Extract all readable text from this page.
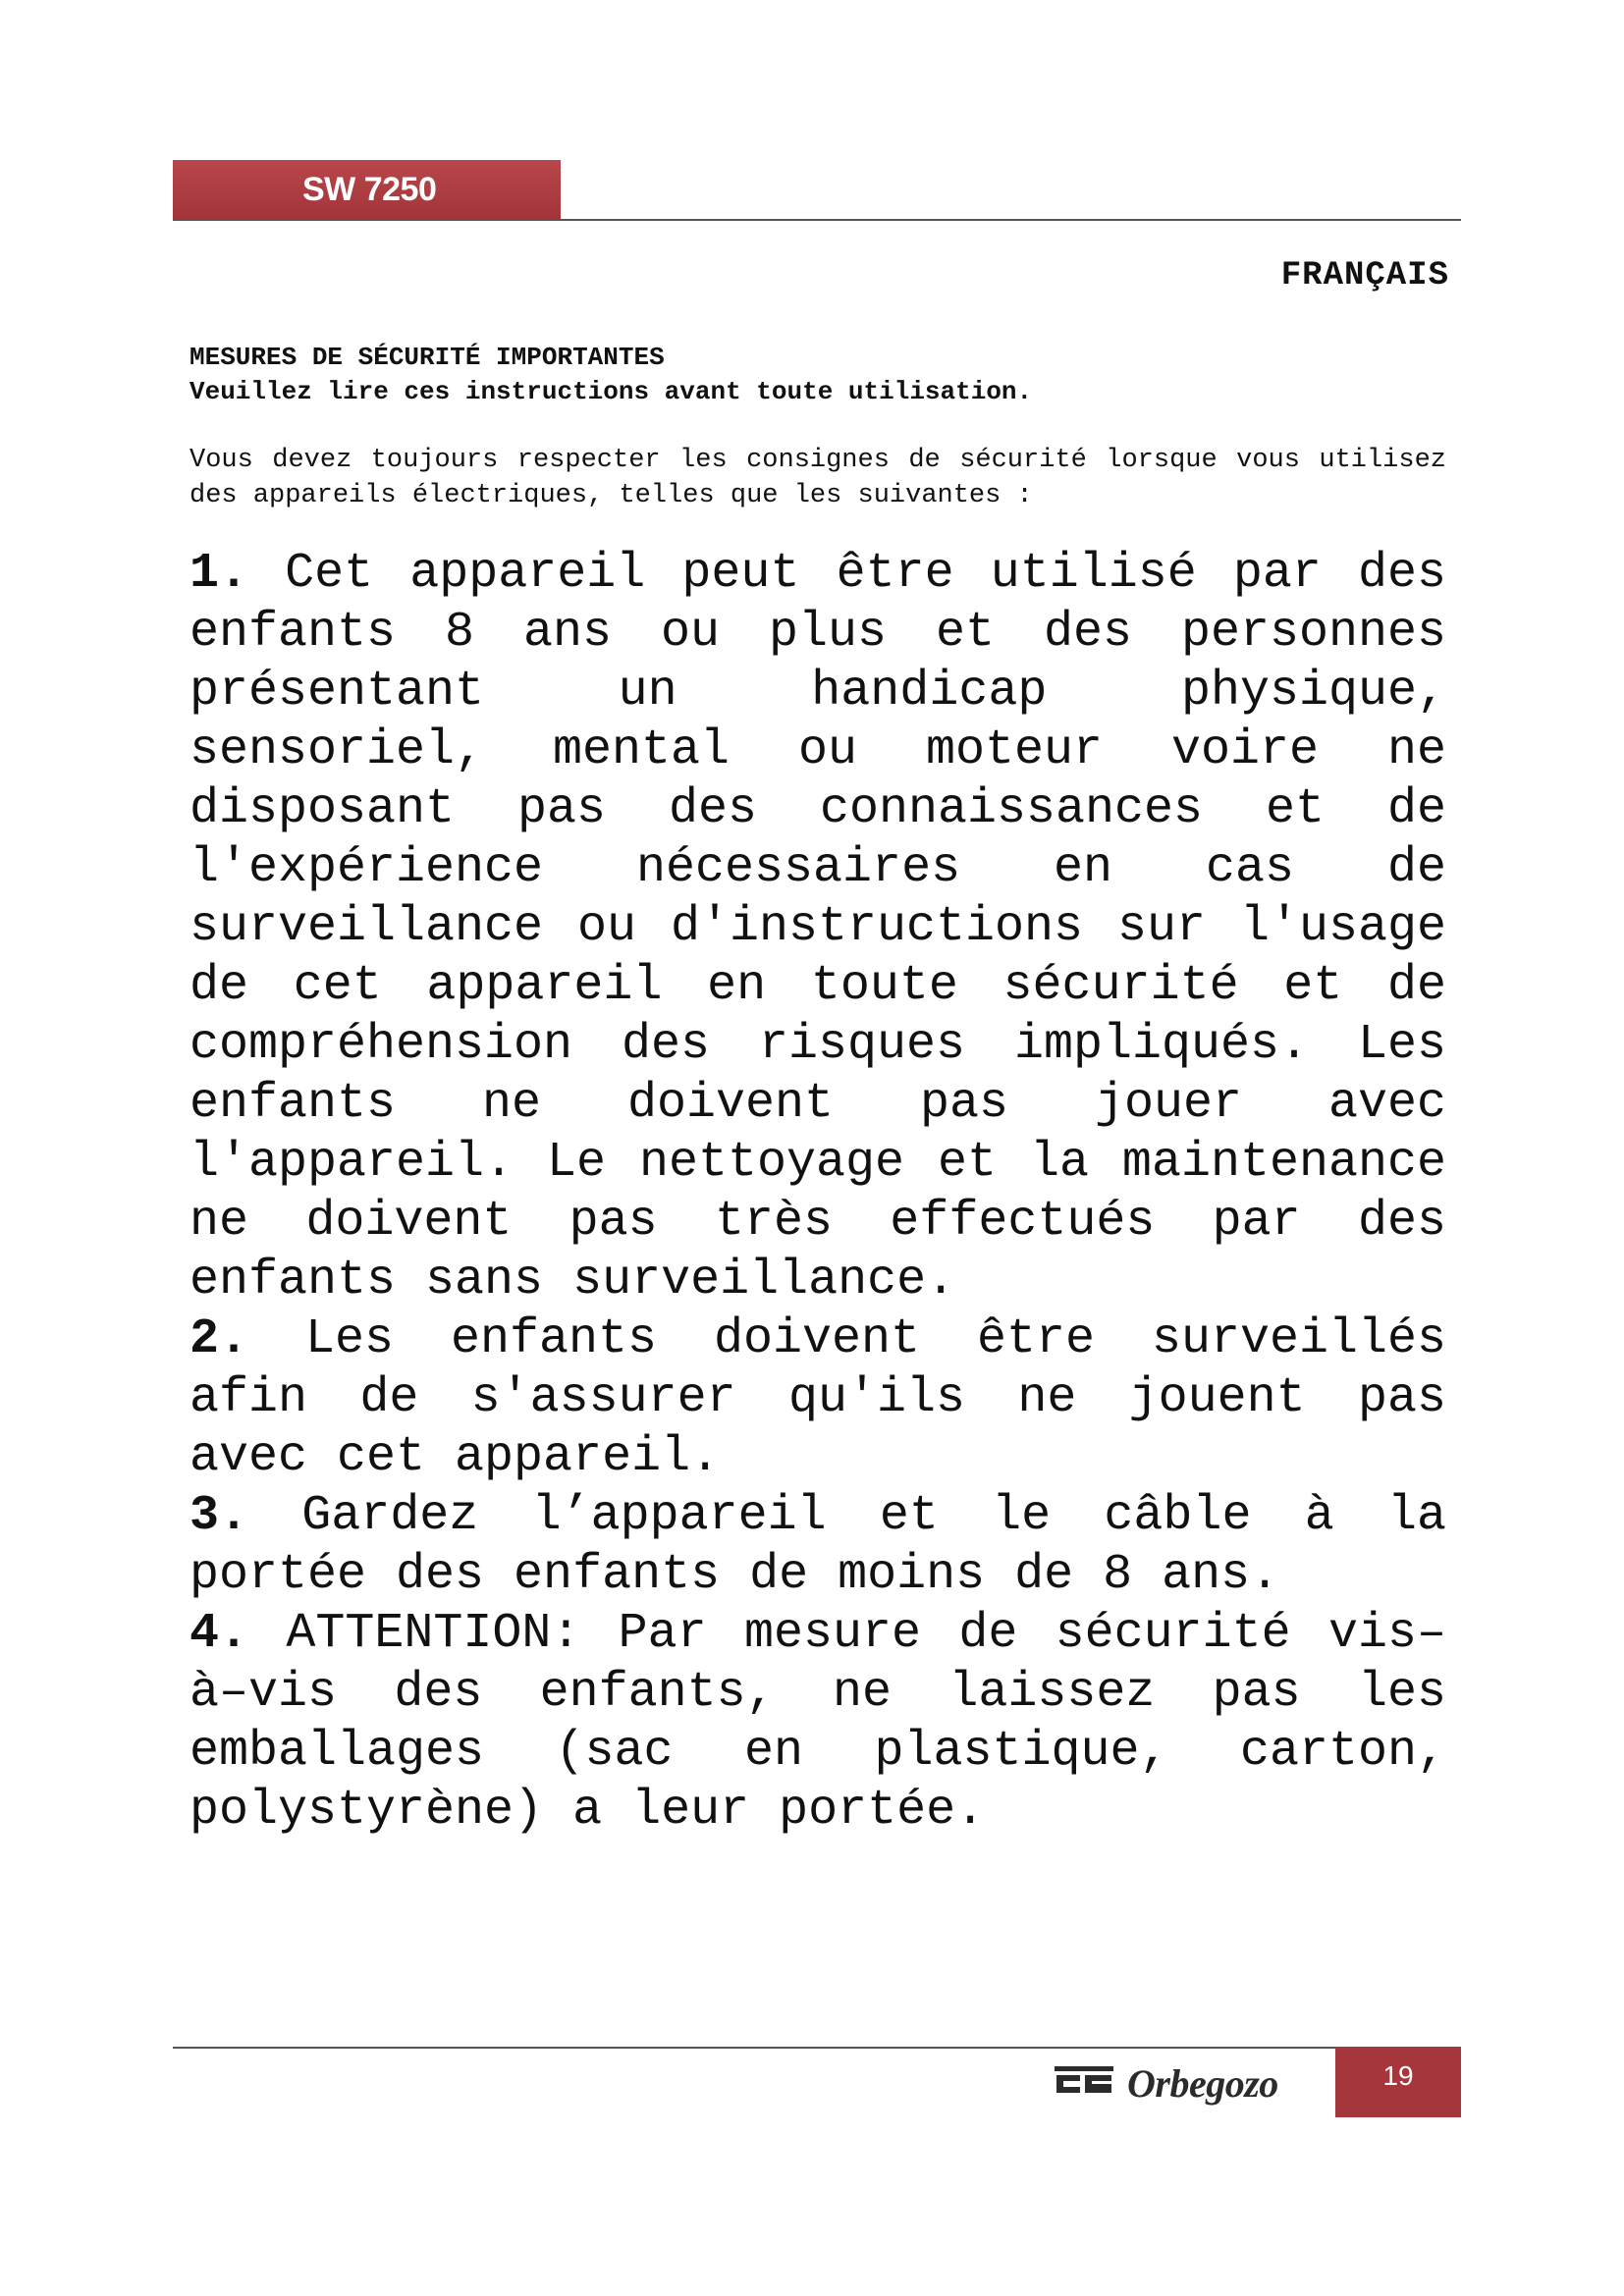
SW 7250
FRANÇAIS
MESURES DE SÉCURITÉ IMPORTANTES
Veuillez lire ces instructions avant toute utilisation.
Vous devez toujours respecter les consignes de sécurité lorsque vous utilisez des appareils électriques, telles que les suivantes :

1. Cet appareil peut être utilisé par des enfants 8 ans ou plus et des personnes présentant un handicap physique, sensoriel, mental ou moteur voire ne disposant pas des connaissances et de l'expérience nécessaires en cas de surveillance ou d'instructions sur l'usage de cet appareil en toute sécurité et de compréhension des risques impliqués. Les enfants ne doivent pas jouer avec l'appareil. Le nettoyage et la maintenance ne doivent pas très effectués par des enfants sans surveillance.

2. Les enfants doivent être surveillés afin de s'assurer qu'ils ne jouent pas avec cet appareil.

3. Gardez l’appareil et le câble à la portée des enfants de moins de 8 ans.

4. ATTENTION: Par mesure de sécurité vis–à–vis des enfants, ne laissez pas les emballages (sac en plastique, carton, polystyrène) a leur portée.

Orbegozo	19
